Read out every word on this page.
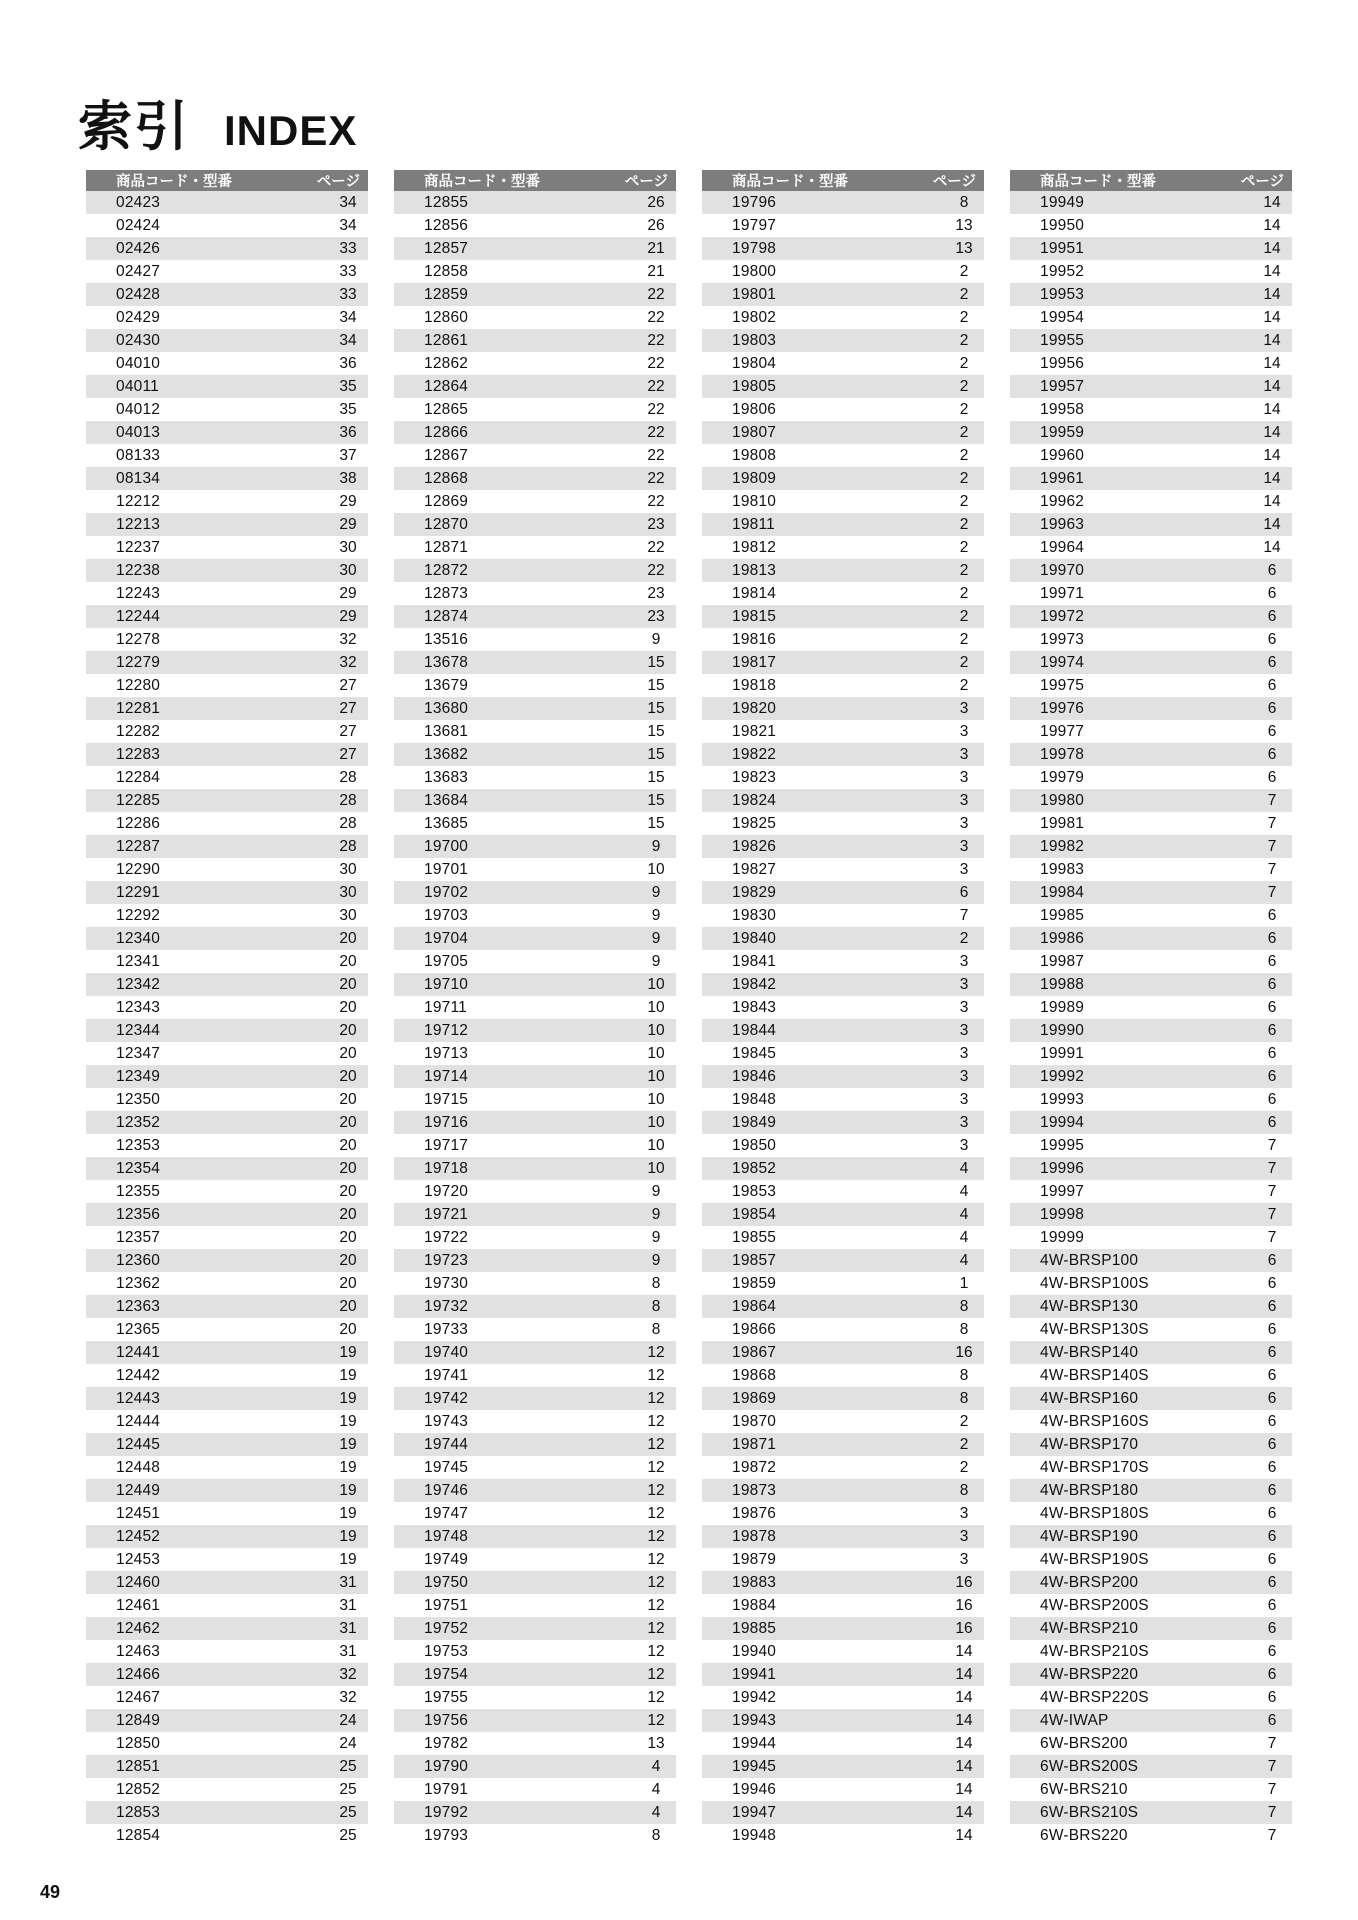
索引 INDEX
商品コード・型番	ページ
02423	34
02424	34
02426	33
02427	33
02428	33
02429	34
02430	34
04010	36
04011	35
04012	35
04013	36
08133	37
08134	38
12212	29
12213	29
12237	30
12238	30
12243	29
12244	29
12278	32
12279	32
12280	27
12281	27
12282	27
12283	27
12284	28
12285	28
12286	28
12287	28
12290	30
12291	30
12292	30
12340	20
12341	20
12342	20
12343	20
12344	20
12347	20
12349	20
12350	20
12352	20
12353	20
12354	20
12355	20
12356	20
12357	20
12360	20
12362	20
12363	20
12365	20
12441	19
12442	19
12443	19
12444	19
12445	19
12448	19
12449	19
12451	19
12452	19
12453	19
12460	31
12461	31
12462	31
12463	31
12466	32
12467	32
12849	24
12850	24
12851	25
12852	25
12853	25
12854	25
商品コード・型番	ページ
12855	26
12856	26
12857	21
12858	21
12859	22
12860	22
12861	22
12862	22
12864	22
12865	22
12866	22
12867	22
12868	22
12869	22
12870	23
12871	22
12872	22
12873	23
12874	23
13516	9
13678	15
13679	15
13680	15
13681	15
13682	15
13683	15
13684	15
13685	15
19700	9
19701	10
19702	9
19703	9
19704	9
19705	9
19710	10
19711	10
19712	10
19713	10
19714	10
19715	10
19716	10
19717	10
19718	10
19720	9
19721	9
19722	9
19723	9
19730	8
19732	8
19733	8
19740	12
19741	12
19742	12
19743	12
19744	12
19745	12
19746	12
19747	12
19748	12
19749	12
19750	12
19751	12
19752	12
19753	12
19754	12
19755	12
19756	12
19782	13
19790	4
19791	4
19792	4
19793	8
商品コード・型番	ページ
19796	8
19797	13
19798	13
19800	2
19801	2
19802	2
19803	2
19804	2
19805	2
19806	2
19807	2
19808	2
19809	2
19810	2
19811	2
19812	2
19813	2
19814	2
19815	2
19816	2
19817	2
19818	2
19820	3
19821	3
19822	3
19823	3
19824	3
19825	3
19826	3
19827	3
19829	6
19830	7
19840	2
19841	3
19842	3
19843	3
19844	3
19845	3
19846	3
19848	3
19849	3
19850	3
19852	4
19853	4
19854	4
19855	4
19857	4
19859	1
19864	8
19866	8
19867	16
19868	8
19869	8
19870	2
19871	2
19872	2
19873	8
19876	3
19878	3
19879	3
19883	16
19884	16
19885	16
19940	14
19941	14
19942	14
19943	14
19944	14
19945	14
19946	14
19947	14
19948	14
商品コード・型番	ページ
19949	14
19950	14
19951	14
19952	14
19953	14
19954	14
19955	14
19956	14
19957	14
19958	14
19959	14
19960	14
19961	14
19962	14
19963	14
19964	14
19970	6
19971	6
19972	6
19973	6
19974	6
19975	6
19976	6
19977	6
19978	6
19979	6
19980	7
19981	7
19982	7
19983	7
19984	7
19985	6
19986	6
19987	6
19988	6
19989	6
19990	6
19991	6
19992	6
19993	6
19994	6
19995	7
19996	7
19997	7
19998	7
19999	7
4W-BRSP100	6
4W-BRSP100S	6
4W-BRSP130	6
4W-BRSP130S	6
4W-BRSP140	6
4W-BRSP140S	6
4W-BRSP160	6
4W-BRSP160S	6
4W-BRSP170	6
4W-BRSP170S	6
4W-BRSP180	6
4W-BRSP180S	6
4W-BRSP190	6
4W-BRSP190S	6
4W-BRSP200	6
4W-BRSP200S	6
4W-BRSP210	6
4W-BRSP210S	6
4W-BRSP220	6
4W-BRSP220S	6
4W-IWAP	6
6W-BRS200	7
6W-BRS200S	7
6W-BRS210	7
6W-BRS210S	7
6W-BRS220	7
49
